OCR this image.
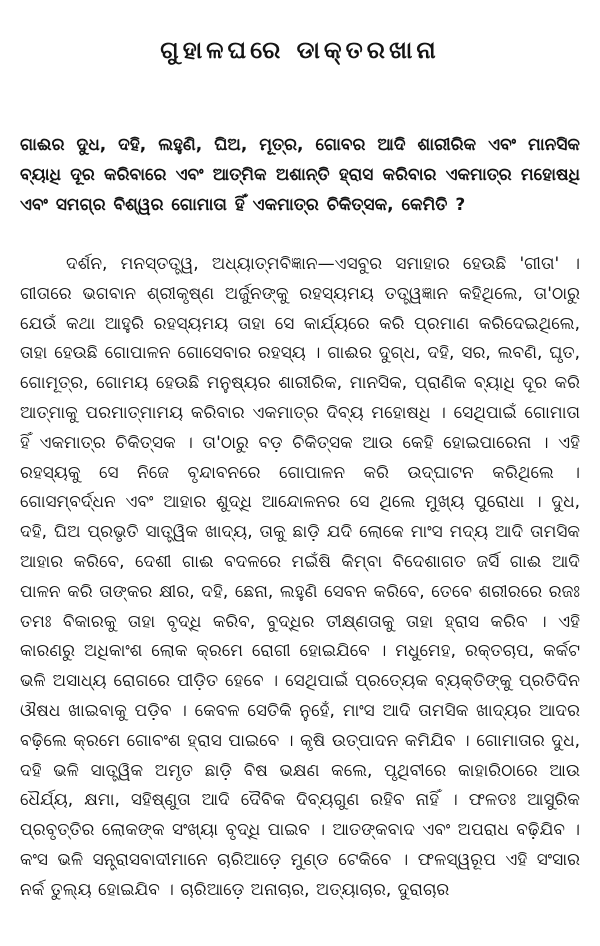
ଗୁହାଳଘରେ ଡାକ୍ତରଖାନା

ଗାଈର ଦୁଧ, ଦହି, ଲହୁଣି, ଘିଅ, ମୂତ୍ର, ଗୋବର ଆଦି ଶାରୀରିକ ଏବଂ ମାନସିକ ବ୍ୟାଧି ଦୂର କରିବାରେ ଏବଂ ଆତ୍ମିକ ଅଶାନ୍ତି ହ୍ରାସ କରିବାର ଏକମାତ୍ର ମହୋଷଧି ଏବଂ ସମଗ୍ର ବିଶ୍ୱର ଗୋମାତା ହିଁ ଏକମାତ୍ର ଚିକିତ୍ସକ, କେମିତି ?

ଦର୍ଶନ, ମନସ୍ତତ୍ତ୍ୱ, ଅଧ୍ୟାତ୍ମବିଜ୍ଞାନ—ଏସବୁର ସମାହାର ହେଉଛି 'ଗୀତା' । ଗୀତାରେ ଭଗବାନ ଶ୍ରୀକୃଷ୍ଣ ଅର୍ଜୁନଙ୍କୁ ରହସ୍ୟମୟ ତତ୍ତ୍ୱଜ୍ଞାନ କହିଥିଲେ, ତା'ଠାରୁ ଯେଉଁ କଥା ଆହୁରି ରହସ୍ୟମୟ ତାହା ସେ କାର୍ଯ୍ୟରେ କରି ପ୍ରମାଣ କରିଦେଇଥିଲେ, ତାହା ହେଉଛି ଗୋପାଳନ ଗୋସେବାର ରହସ୍ୟ । ଗାଈର ଦୁଗ୍ଧ, ଦହି, ସର, ଲବଣି, ଘୃତ, ଗୋମୂତ୍ର, ଗୋମୟ ହେଉଛି ମନୁଷ୍ୟର ଶାରୀରିକ, ମାନସିକ, ପ୍ରାଣିକ ବ୍ୟାଧି ଦୂର କରି ଆତ୍ମାକୁ ପରମାତ୍ମାମୟ କରିବାର ଏକମାତ୍ର ଦିବ୍ୟ ମହୋଷଧି । ସେଥିପାଇଁ ଗୋମାତା ହିଁ ଏକମାତ୍ର ଚିକିତ୍ସକ । ତା'ଠାରୁ ବଡ଼ ଚିକିତ୍ସକ ଆଉ କେହି ହୋଇପାରେନା । ଏହି ରହସ୍ୟକୁ ସେ ନିଜେ ବୃନ୍ଦାବନରେ ଗୋପାଳନ କରି ଉଦ୍‌ଘାଟନ କରିଥିଲେ । ଗୋସମ୍ବର୍ଦ୍ଧନ ଏବଂ ଆହାର ଶୁଦ୍ଧି ଆନ୍ଦୋଳନର ସେ ଥିଲେ ମୁଖ୍ୟ ପୁରୋଧା । ଦୁଧ, ଦହି, ଘିଅ ପ୍ରଭୃତି ସାତ୍ତ୍ୱିକ ଖାଦ୍ୟ, ତାକୁ ଛାଡ଼ି ଯଦି ଲୋକେ ମାଂସ ମଦ୍ୟ ଆଦି ତାମସିକ ଆହାର କରିବେ, ଦେଶୀ ଗାଈ ବଦଳରେ ମଇଁଷି କିମ୍ବା ବିଦେଶାଗତ ଜର୍ସି ଗାଈ ଆଦି ପାଳନ କରି ତାଙ୍କର କ୍ଷୀର, ଦହି, ଛେନା, ଲହୁଣି ସେବନ କରିବେ, ତେବେ ଶରୀରରେ ରଜଃ ତମଃ ବିକାରକୁ ତାହା ବୃଦ୍ଧି କରିବ, ବୁଦ୍ଧିର ତୀକ୍ଷ୍ଣତାକୁ ତାହା ହ୍ରାସ କରିବ । ଏହି କାରଣରୁ ଅଧିକାଂଶ ଲୋକ କ୍ରମେ ରୋଗୀ ହୋଇଯିବେ । ମଧୁମେହ, ରକ୍ତଚାପ, କର୍କଟ ଭଳି ଅସାଧ୍ୟ ରୋଗରେ ପୀଡ଼ିତ ହେବେ । ସେଥିପାଇଁ ପ୍ରତ୍ୟେକ ବ୍ୟକ୍ତିଙ୍କୁ ପ୍ରତିଦିନ ଔଷଧ ଖାଇବାକୁ ପଡ଼ିବ । କେବଳ ସେତିକି ନୁହେଁ, ମାଂସ ଆଦି ତାମସିକ ଖାଦ୍ୟର ଆଦର ବଢ଼ିଲେ କ୍ରମେ ଗୋବଂଶ ହ୍ରାସ ପାଇବେ । କୃଷି ଉତ୍ପାଦନ କମିଯିବ । ଗୋମାତାର ଦୁଧ, ଦହି ଭଳି ସାତ୍ତ୍ୱିକ ଅମୃତ ଛାଡ଼ି ବିଷ ଭକ୍ଷଣ କଲେ, ପୃଥିବୀରେ କାହାରିଠାରେ ଆଉ ଧୈର୍ଯ୍ୟ, କ୍ଷମା, ସହିଷ୍ଣୁତା ଆଦି ଦୈବିକ ଦିବ୍ୟଗୁଣ ରହିବ ନାହିଁ । ଫଳତଃ ଆସୁରିକ ପ୍ରବୃତ୍ତିର ଲୋକଙ୍କ ସଂଖ୍ୟା ବୃଦ୍ଧି ପାଇବ । ଆତଙ୍କବାଦ ଏବଂ ଅପରାଧ ବଢ଼ିଯିବ । କଂସ ଭଳି ସନ୍ତ୍ରାସବାଦୀମାନେ ଚାରିଆଡ଼େ ମୁଣ୍ଡ ଟେକିବେ । ଫଳସ୍ୱରୂପ ଏହି ସଂସାର ନର୍କ ତୁଲ୍ୟ ହୋଇଯିବ । ଚାରିଆଡ଼େ ଅନାଚାର, ଅତ୍ୟାଚାର, ଦୁରାଚାର
